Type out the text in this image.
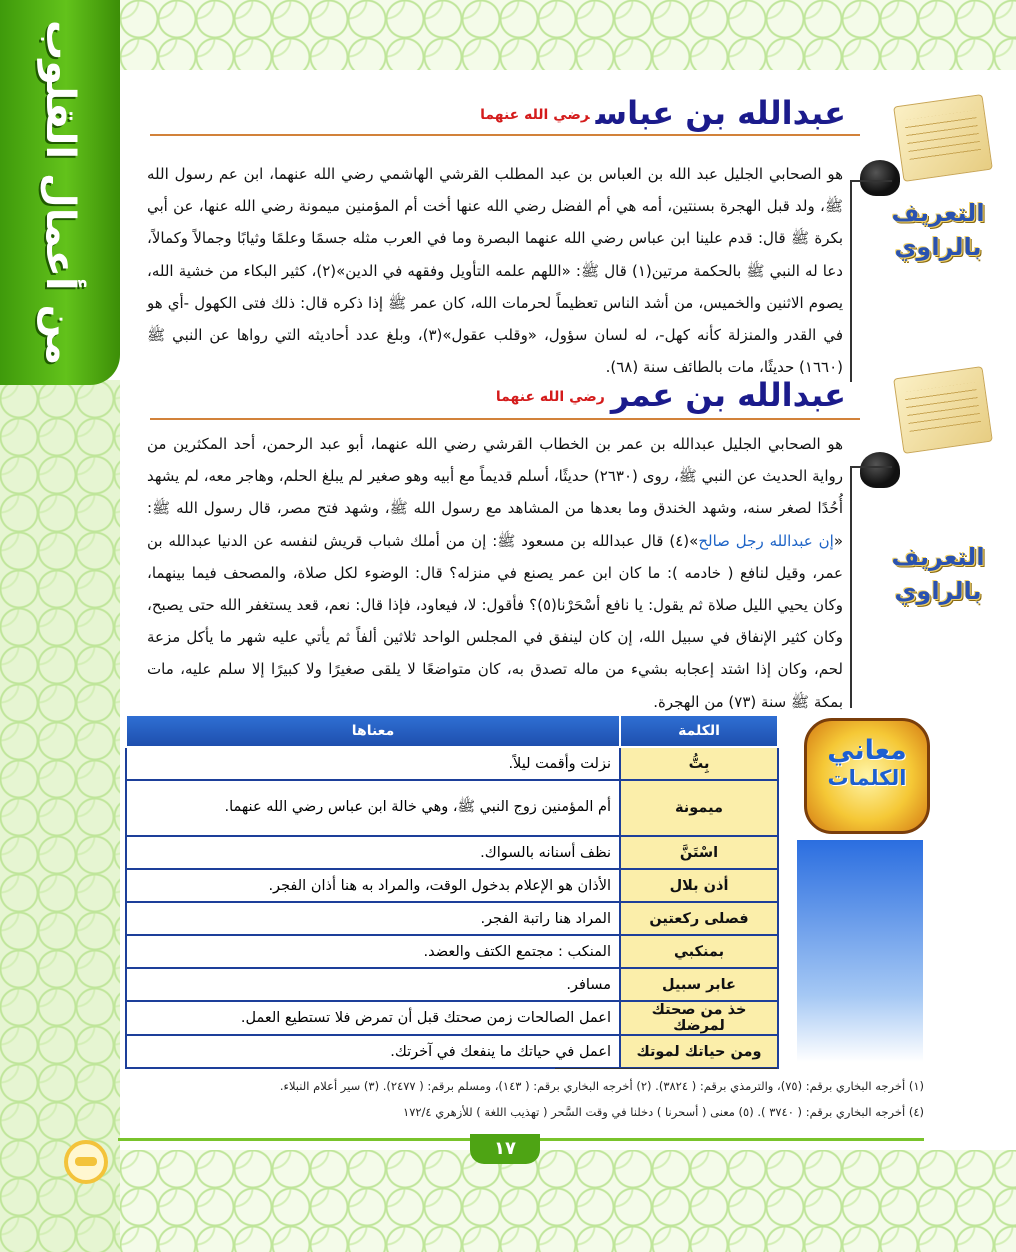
من أعمال القلوب	عبدالله بن عباسرضي الله عنهما
التعريف
بالراوي
هو الصحابي الجليل عبد الله بن العباس بن عبد المطلب القرشي الهاشمي رضي الله عنهما، ابن عم رسول الله ﷺ، ولد قبل الهجرة بسنتين، أمه هي أم الفضل رضي الله عنها أخت أم المؤمنين ميمونة رضي الله عنها، عن أبي بكرة ﷺ قال: قدم علينا ابن عباس رضي الله عنهما البصرة وما في العرب مثله جسمًا وعلمًا وثيابًا وجمالاً وكمالاً، دعا له النبي ﷺ بالحكمة مرتين(١) قال ﷺ: «اللهم علمه التأويل وفقهه في الدين»(٢)، كثير البكاء من خشية الله، يصوم الاثنين والخميس، من أشد الناس تعظيماً لحرمات الله، كان عمر ﷺ إذا ذكره قال: ذلك فتى الكهول -أي هو في القدر والمنزلة كأنه كهل-، له لسان سؤول، «وقلب عقول»(٣)، وبلغ عدد أحاديثه التي رواها عن النبي ﷺ (١٦٦٠) حديثًا، مات بالطائف سنة (٦٨).
عبدالله بن عمررضي الله عنهما
التعريف
بالراوي
هو الصحابي الجليل عبدالله بن عمر بن الخطاب القرشي رضي الله عنهما، أبو عبد الرحمن، أحد المكثرين من رواية الحديث عن النبي ﷺ، روى (٢٦٣٠) حديثًا، أسلم قديماً مع أبيه وهو صغير لم يبلغ الحلم، وهاجر معه، لم يشهد أُحُدًا لصغر سنه، وشهد الخندق وما بعدها من المشاهد مع رسول الله ﷺ، وشهد فتح مصر، قال رسول الله ﷺ: «إن عبدالله رجل صالح»(٤) قال عبدالله بن مسعود ﷺ: إن من أملك شباب قريش لنفسه عن الدنيا عبدالله بن عمر، وقيل لنافع ( خادمه ): ما كان ابن عمر يصنع في منزله؟ قال: الوضوء لكل صلاة، والمصحف فيما بينهما، وكان يحيي الليل صلاة ثم يقول: يا نافع أسْحَرْنا(٥)؟ فأقول: لا، فيعاود، فإذا قال: نعم، قعد يستغفر الله حتى يصبح، وكان كثير الإنفاق في سبيل الله، إن كان لينفق في المجلس الواحد ثلاثين ألفاً ثم يأتي عليه شهر ما يأكل مزعة لحم، وكان إذا اشتد إعجابه بشيء من ماله تصدق به، كان متواضعًا لا يلقى صغيرًا ولا كبيرًا إلا سلم عليه، مات بمكة ﷺ سنة (٧٣) من الهجرة.
معاني
الكلمات
الكلمة	معناها
بِتُّ	نزلت وأقمت ليلاً.
ميمونة	أم المؤمنين زوج النبي ﷺ، وهي خالة ابن عباس رضي الله عنهما.
اسْتَنَّ	نظف أسنانه بالسواك.
أذن بلال	الأذان هو الإعلام بدخول الوقت، والمراد به هنا أذان الفجر.
فصلى ركعتين	المراد هنا راتبة الفجر.
بمنكبي	المنكب : مجتمع الكتف والعضد.
عابر سبيل	مسافر.
خذ من صحتك لمرضك	اعمل الصالحات زمن صحتك قبل أن تمرض فلا تستطيع العمل.
ومن حياتك لموتك	اعمل في حياتك ما ينفعك في آخرتك.
(١) أخرجه البخاري برقم: (٧٥)، والترمذي برقم: ( ٣٨٢٤). (٢) أخرجه البخاري برقم: ( ١٤٣)، ومسلم برقم: ( ٢٤٧٧). (٣) سير أعلام النبلاء.
(٤) أخرجه البخاري برقم: ( ٣٧٤٠ ). (٥) معنى ( أسحرنا ) دخلنا في وقت السَّحر ( تهذيب اللغة ) للأزهري ١٧٢/٤
١٧
